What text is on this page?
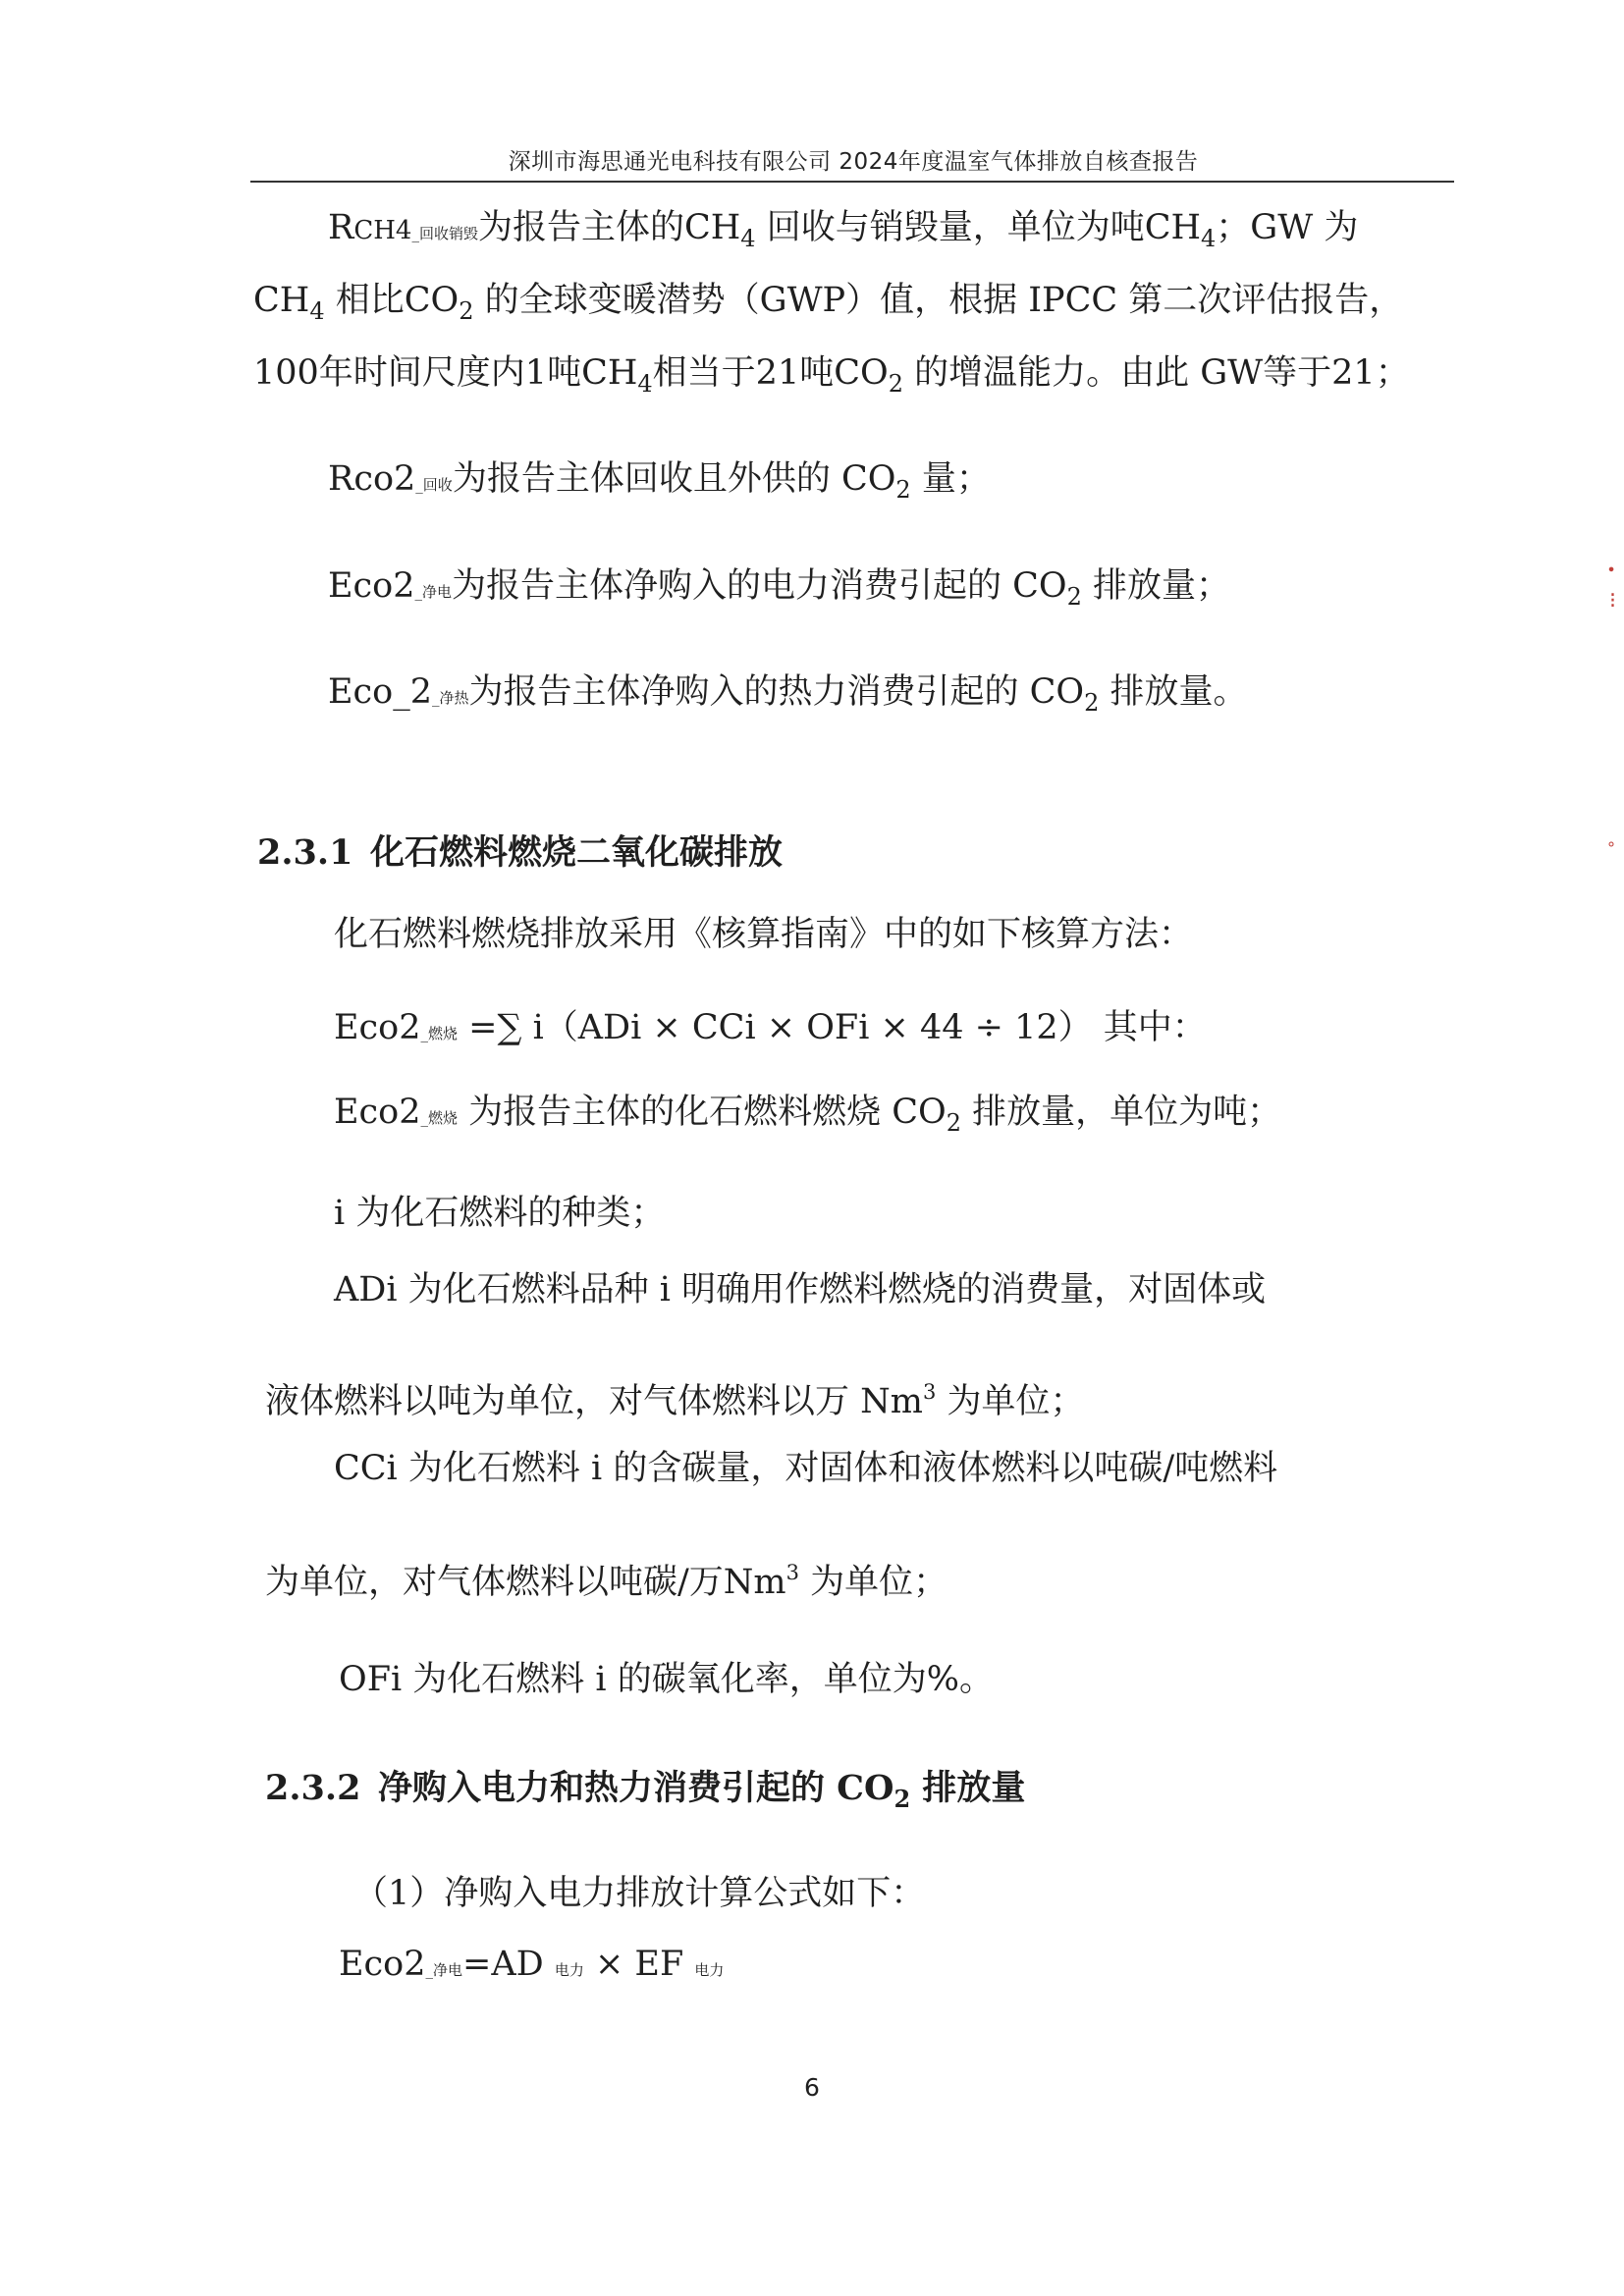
深圳市海思通光电科技有限公司 2024年度温室气体排放自核查报告
RCH4_回收销毁为报告主体的$CH_4$ 回收与销毁量，单位为吨$CH_4$；GW 为
$CH_4$ 相比$CO_2$ 的全球变暖潜势（GWP）值，根据 IPCC 第二次评估报告，
100年时间尺度内1吨$CH_4$相当于21吨$CO_2$ 的增温能力。由此 GW等于21；
Rco2_回收为报告主体回收且外供的 $CO_2$ 量；
Eco2_净电为报告主体净购入的电力消费引起的 $CO_2$ 排放量；
Eco_2_净热为报告主体净购入的热力消费引起的 $CO_2$ 排放量。
2.3.1 化石燃料燃烧二氧化碳排放
化石燃料燃烧排放采用《核算指南》中的如下核算方法：
Eco2_燃烧 =∑ i（ADi × CCi × OFi × 44 ÷ 12） 其中：
Eco2_燃烧 为报告主体的化石燃料燃烧 $CO_2$ 排放量，单位为吨；
i 为化石燃料的种类；
ADi 为化石燃料品种 i 明确用作燃料燃烧的消费量，对固体或
液体燃料以吨为单位，对气体燃料以万 Nm$^3$ 为单位；
CCi 为化石燃料 i 的含碳量，对固体和液体燃料以吨碳/吨燃料
为单位，对气体燃料以吨碳/万Nm$^3$ 为单位；
OFi 为化石燃料 i 的碳氧化率，单位为%。
2.3.2 净购入电力和热力消费引起的 $CO_2$ 排放量
（1）净购入电力排放计算公式如下：
Eco2_净电=AD 电力 × EF 电力
6
∙
⁝
∘
